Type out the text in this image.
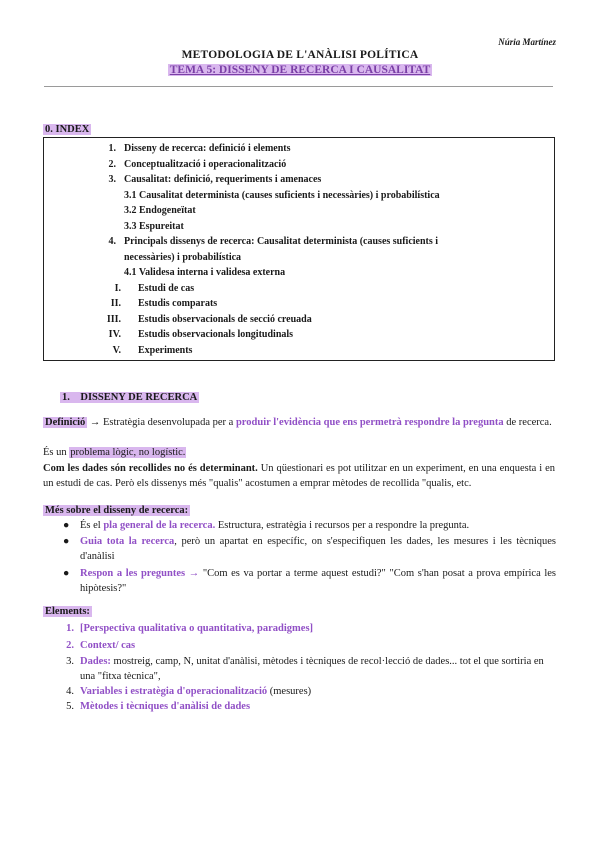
Núria Martínez
METODOLOGIA DE L'ANÀLISI POLÍTICA
TEMA 5: DISSENY DE RECERCA I CAUSALITAT
0. INDEX
1. Disseny de recerca: definició i elements
2. Conceptualització i operacionalització
3. Causalitat: definició, requeriments i amenaces
3.1 Causalitat determinista (causes suficients i necessàries) i probabilística
3.2 Endogeneïtat
3.3 Espureitat
4. Principals dissenys de recerca: Causalitat determinista (causes suficients i
necessàries) i probabilística
4.1 Validesa interna i validesa externa
I. Estudi de cas
II. Estudis comparats
III. Estudis observacionals de secció creuada
IV. Estudis observacionals longitudinals
V. Experiments
1.    DISSENY DE RECERCA
Definició → Estratègia desenvolupada per a produir l'evidència que ens permetrà respondre la pregunta de recerca.
És un problema lògic, no logístic.
Com les dades són recollides no és determinant. Un qüestionari es pot utilitzar en un experiment, en una enquesta i en un estudi de cas. Però els dissenys més "qualis" acostumen a emprar mètodes de recollida "qualis, etc.
Més sobre el disseny de recerca:
● És el pla general de la recerca. Estructura, estratègia i recursos per a respondre la pregunta.
● Guia tota la recerca, però un apartat en específic, on s'especifiquen les dades, les mesures i les tècniques d'anàlisi
● Respon a les preguntes → "Com es va portar a terme aquest estudi?" "Com s'han posat a prova empírica les hipòtesis?"
Elements:
1. [Perspectiva qualitativa o quantitativa, paradigmes]
2. Context/ cas
3. Dades: mostreig, camp, N, unitat d'anàlisi, mètodes i tècniques de recol·lecció de dades... tot el que sortiria en una "fitxa tècnica",
4. Variables i estratègia d'operacionalització (mesures)
5. Mètodes i tècniques d'anàlisi de dades
